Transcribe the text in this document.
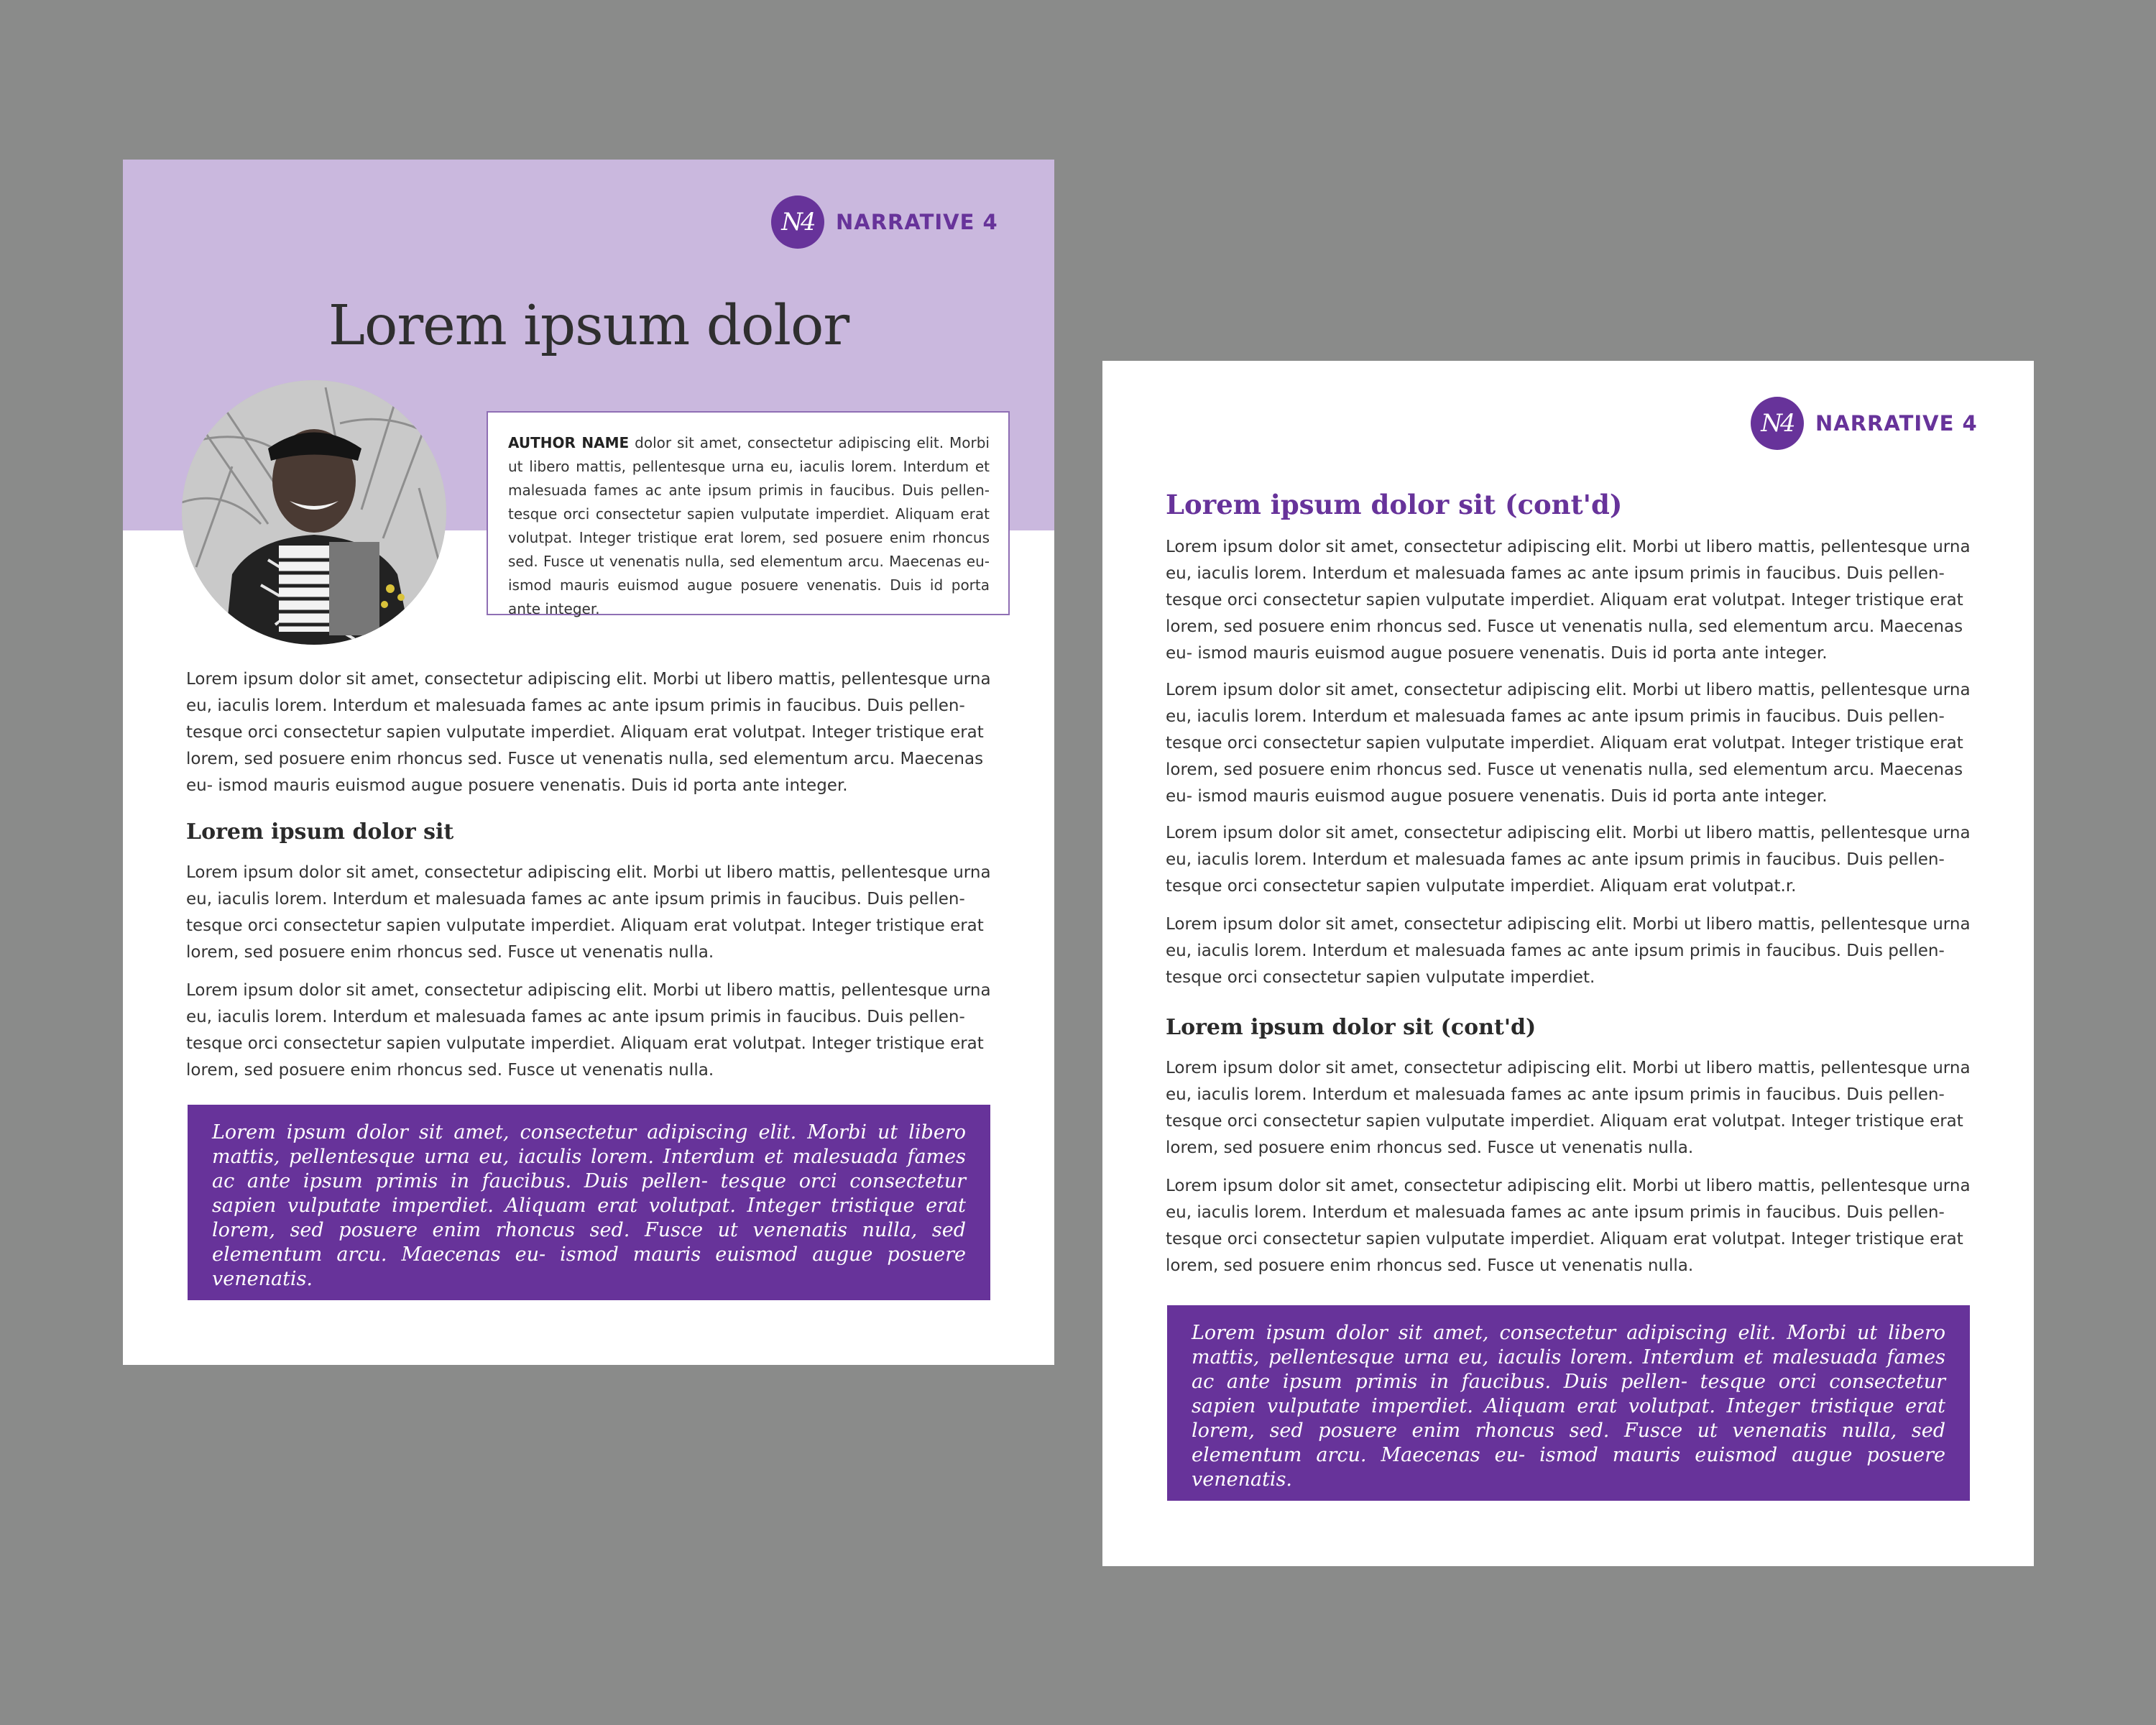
N4	NARRATIVE 4
Lorem ipsum dolor
AUTHOR NAME dolor sit amet, consectetur adipiscing elit. Morbi ut libero mattis, pellentesque urna eu, iaculis lorem. Interdum et malesuada fames ac ante ipsum primis in faucibus. Duis pellen-tesque orci consectetur sapien vulputate imperdiet. Aliquam erat volutpat. Integer tristique erat lorem, sed posuere enim rhoncus sed. Fusce ut venenatis nulla, sed elementum arcu. Maecenas eu- ismod mauris euismod augue posuere venenatis. Duis id porta ante integer.
Lorem ipsum dolor sit amet, consectetur adipiscing elit. Morbi ut libero mattis, pellentesque urna eu, iaculis lorem. Interdum et malesuada fames ac ante ipsum primis in faucibus. Duis pellen- tesque orci consectetur sapien vulputate imperdiet. Aliquam erat volutpat. Integer tristique erat lorem, sed posuere enim rhoncus sed. Fusce ut venenatis nulla, sed elementum arcu. Maecenas eu- ismod mauris euismod augue posuere venenatis. Duis id porta ante integer.
Lorem ipsum dolor sit
Lorem ipsum dolor sit amet, consectetur adipiscing elit. Morbi ut libero mattis, pellentesque urna eu, iaculis lorem. Interdum et malesuada fames ac ante ipsum primis in faucibus. Duis pellen- tesque orci consectetur sapien vulputate imperdiet. Aliquam erat volutpat. Integer tristique erat lorem, sed posuere enim rhoncus sed. Fusce ut venenatis nulla.
Lorem ipsum dolor sit amet, consectetur adipiscing elit. Morbi ut libero mattis, pellentesque urna eu, iaculis lorem. Interdum et malesuada fames ac ante ipsum primis in faucibus. Duis pellen- tesque orci consectetur sapien vulputate imperdiet. Aliquam erat volutpat. Integer tristique erat lorem, sed posuere enim rhoncus sed. Fusce ut venenatis nulla.
Lorem ipsum dolor sit amet, consectetur adipiscing elit. Morbi ut libero mattis, pellentesque urna eu, iaculis lorem. Interdum et malesuada fames ac ante ipsum primis in faucibus. Duis pellen- tesque orci consectetur sapien vulputate imperdiet. Aliquam erat volutpat. Integer tristique erat lorem, sed posuere enim rhoncus sed. Fusce ut venenatis nulla, sed elementum arcu. Maecenas eu- ismod mauris euismod augue posuere venenatis.
N4	NARRATIVE 4
Lorem ipsum dolor sit (cont'd)
Lorem ipsum dolor sit amet, consectetur adipiscing elit. Morbi ut libero mattis, pellentesque urna eu, iaculis lorem. Interdum et malesuada fames ac ante ipsum primis in faucibus. Duis pellen- tesque orci consectetur sapien vulputate imperdiet. Aliquam erat volutpat. Integer tristique erat lorem, sed posuere enim rhoncus sed. Fusce ut venenatis nulla, sed elementum arcu. Maecenas eu- ismod mauris euismod augue posuere venenatis. Duis id porta ante integer.
Lorem ipsum dolor sit amet, consectetur adipiscing elit. Morbi ut libero mattis, pellentesque urna eu, iaculis lorem. Interdum et malesuada fames ac ante ipsum primis in faucibus. Duis pellen- tesque orci consectetur sapien vulputate imperdiet. Aliquam erat volutpat. Integer tristique erat lorem, sed posuere enim rhoncus sed. Fusce ut venenatis nulla, sed elementum arcu. Maecenas eu- ismod mauris euismod augue posuere venenatis. Duis id porta ante integer.
Lorem ipsum dolor sit amet, consectetur adipiscing elit. Morbi ut libero mattis, pellentesque urna eu, iaculis lorem. Interdum et malesuada fames ac ante ipsum primis in faucibus. Duis pellen- tesque orci consectetur sapien vulputate imperdiet. Aliquam erat volutpat.r.
Lorem ipsum dolor sit amet, consectetur adipiscing elit. Morbi ut libero mattis, pellentesque urna eu, iaculis lorem. Interdum et malesuada fames ac ante ipsum primis in faucibus. Duis pellen- tesque orci consectetur sapien vulputate imperdiet.
Lorem ipsum dolor sit (cont'd)
Lorem ipsum dolor sit amet, consectetur adipiscing elit. Morbi ut libero mattis, pellentesque urna eu, iaculis lorem. Interdum et malesuada fames ac ante ipsum primis in faucibus. Duis pellen- tesque orci consectetur sapien vulputate imperdiet. Aliquam erat volutpat. Integer tristique erat lorem, sed posuere enim rhoncus sed. Fusce ut venenatis nulla.
Lorem ipsum dolor sit amet, consectetur adipiscing elit. Morbi ut libero mattis, pellentesque urna eu, iaculis lorem. Interdum et malesuada fames ac ante ipsum primis in faucibus. Duis pellen- tesque orci consectetur sapien vulputate imperdiet. Aliquam erat volutpat. Integer tristique erat lorem, sed posuere enim rhoncus sed. Fusce ut venenatis nulla.
Lorem ipsum dolor sit amet, consectetur adipiscing elit. Morbi ut libero mattis, pellentesque urna eu, iaculis lorem. Interdum et malesuada fames ac ante ipsum primis in faucibus. Duis pellen- tesque orci consectetur sapien vulputate imperdiet. Aliquam erat volutpat. Integer tristique erat lorem, sed posuere enim rhoncus sed. Fusce ut venenatis nulla, sed elementum arcu. Maecenas eu- ismod mauris euismod augue posuere venenatis.
